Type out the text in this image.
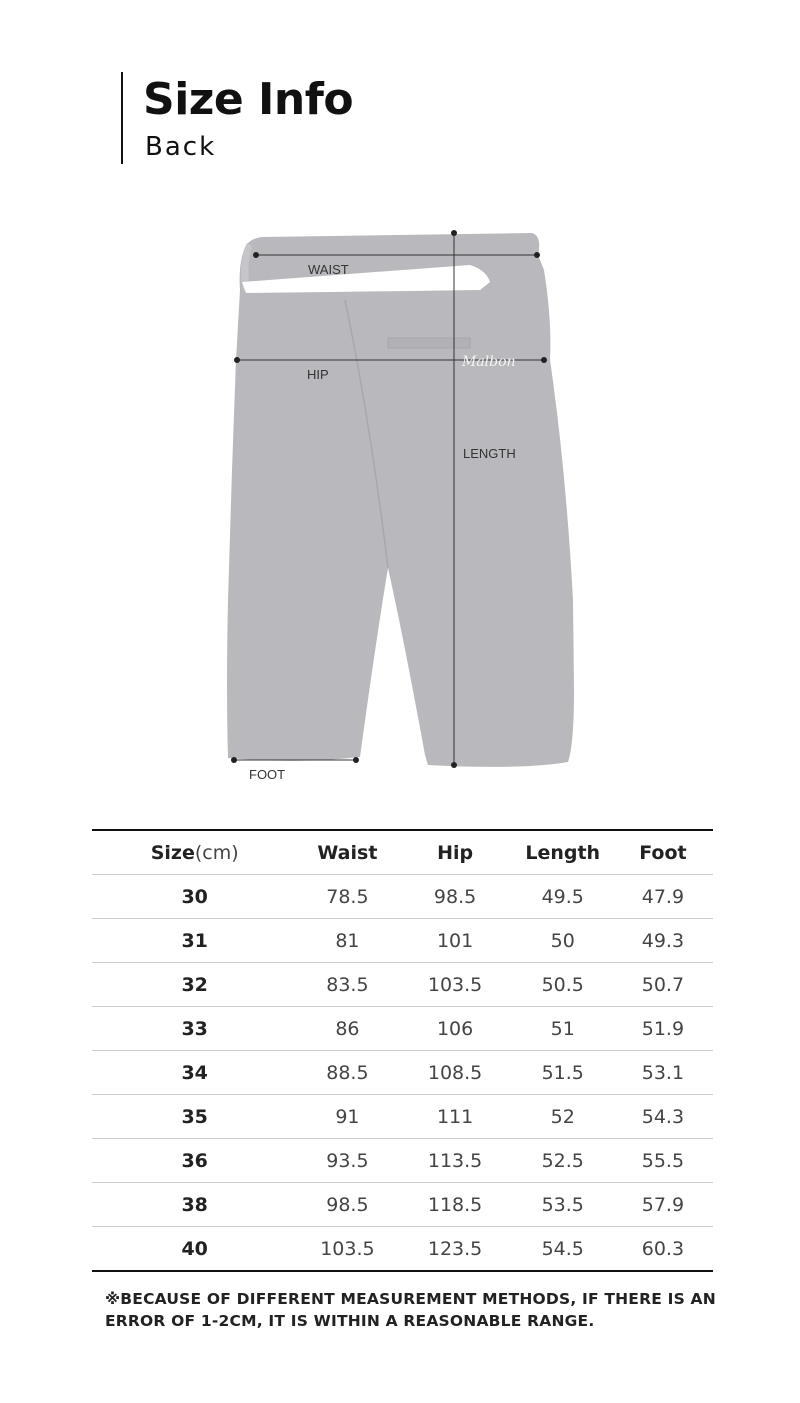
Size Info
Back
Malbon
WAIST
HIP
LENGTH
FOOT
Size(cm)	Waist	Hip	Length	Foot
30	78.5	98.5	49.5	47.9
31	81	101	50	49.3
32	83.5	103.5	50.5	50.7
33	86	106	51	51.9
34	88.5	108.5	51.5	53.1
35	91	111	52	54.3
36	93.5	113.5	52.5	55.5
38	98.5	118.5	53.5	57.9
40	103.5	123.5	54.5	60.3
※BECAUSE OF DIFFERENT MEASUREMENT METHODS, IF THERE IS AN ERROR OF 1-2CM, IT IS WITHIN A REASONABLE RANGE.
